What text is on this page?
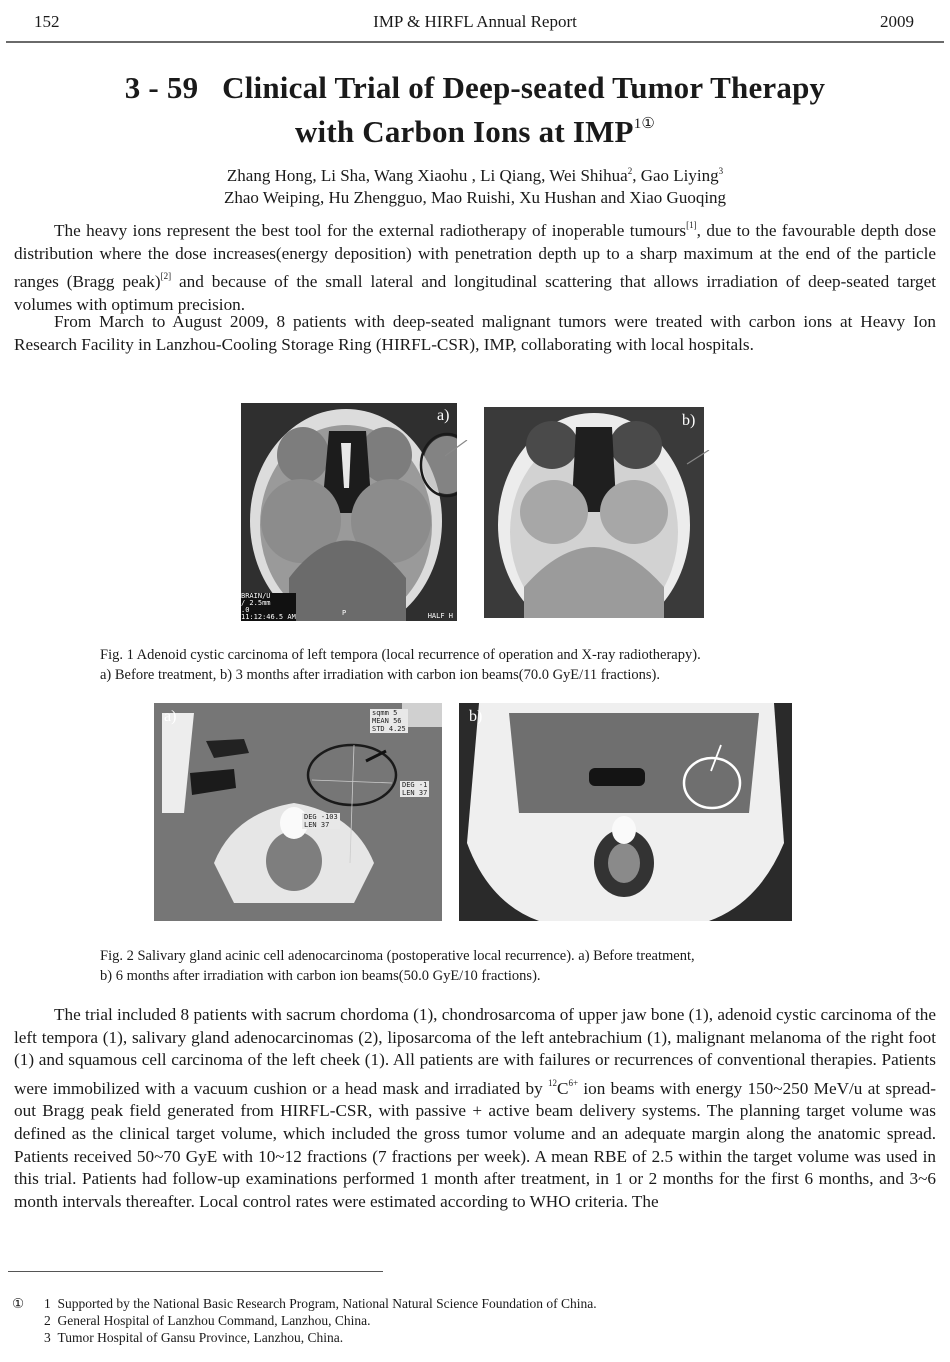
152	IMP & HIRFL Annual Report	2009
3 - 59 Clinical Trial of Deep-seated Tumor Therapy
with Carbon Ions at $IMP^{1①}$
Zhang Hong, Li Sha, Wang Xiaohu , Li Qiang, Wei Shihua$^2$, Gao Liying$^3$
Zhao Weiping, Hu Zhengguo, Mao Ruishi, Xu Hushan and Xiao Guoqing
The heavy ions represent the best tool for the external radiotherapy of inoperable tumours[1], due to the favourable depth dose distribution where the dose increases(energy deposition) with penetration depth up to a sharp maximum at the end of the particle ranges (Bragg peak)[2] and because of the small lateral and longitudinal scattering that allows irradiation of deep-seated target volumes with optimum precision.
From March to August 2009, 8 patients with deep-seated malignant tumors were treated with carbon ions at Heavy Ion Research Facility in Lanzhou-Cooling Storage Ring (HIRFL-CSR), IMP, collaborating with local hospitals.
a)
BRAIN/U
/ 2.5mm
.0
11:12:46.5 AM	P	HALF H
b)
Fig. 1 Adenoid cystic carcinoma of left tempora (local recurrence of operation and X-ray radiotherapy).
a) Before treatment, b) 3 months after irradiation with carbon ion beams(70.0 GyE/11 fractions).
a)	sqmm 5
MEAN 56
STD 4.25
DEG -1
LEN 37
DEG -103
LEN 37
b)
Fig. 2 Salivary gland acinic cell adenocarcinoma (postoperative local recurrence). a) Before treatment,
b) 6 months after irradiation with carbon ion beams(50.0 GyE/10 fractions).
The trial included 8 patients with sacrum chordoma (1), chondrosarcoma of upper jaw bone (1), adenoid cystic carcinoma of the left tempora (1), salivary gland adenocarcinomas (2), liposarcoma of the left antebrachium (1), malignant melanoma of the right foot (1) and squamous cell carcinoma of the left cheek (1). All patients are with failures or recurrences of conventional therapies. Patients were immobilized with a vacuum cushion or a head mask and irradiated by $^{12}C^{6+}$ ion beams with energy 150~250 MeV/u at spread-out Bragg peak field generated from HIRFL-CSR, with passive + active beam delivery systems. The planning target volume was defined as the clinical target volume, which included the gross tumor volume and an adequate margin along the anatomic spread. Patients received 50~70 GyE with 10~12 fractions (7 fractions per week). A mean RBE of 2.5 within the target volume was used in this trial. Patients had follow-up examinations performed 1 month after treatment, in 1 or 2 months for the first 6 months, and 3~6 month intervals thereafter. Local control rates were estimated according to WHO criteria. The
① 1 Supported by the National Basic Research Program, National Natural Science Foundation of China.
2 General Hospital of Lanzhou Command, Lanzhou, China.
3 Tumor Hospital of Gansu Province, Lanzhou, China.
